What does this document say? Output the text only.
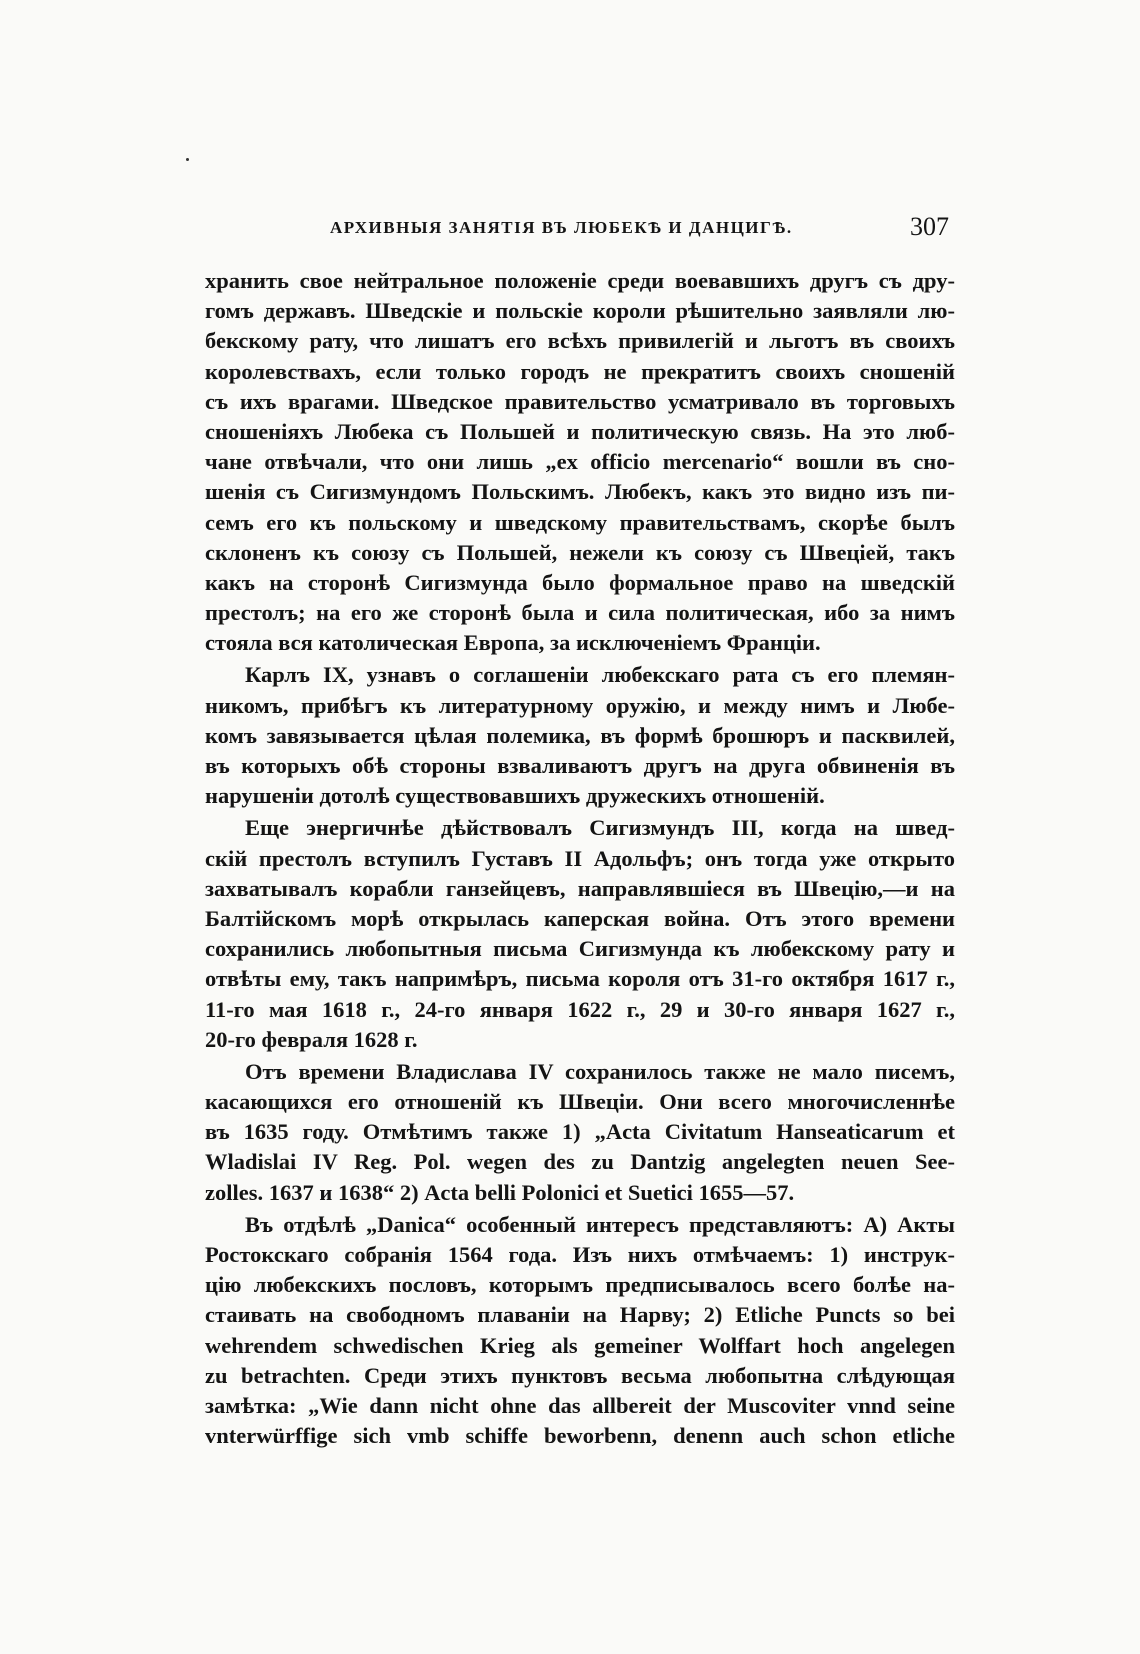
АРХИВНЫЯ ЗАНЯТІЯ ВЪ ЛЮБЕКѢ И ДАНЦИГѢ.	307
хранить свое нейтральное положеніе среди воевавшихъ другъ съ дру-
гомъ державъ. Шведскіе и польскіе короли рѣшительно заявляли лю-
бекскому рату, что лишатъ его всѣхъ привилегій и льготъ въ своихъ
королевствахъ, если только городъ не прекратитъ своихъ сношеній
съ ихъ врагами. Шведское правительство усматривало въ торговыхъ
сношеніяхъ Любека съ Польшей и политическую связь. На это люб-
чане отвѣчали, что они лишь „ex officio mercenario“ вошли въ сно-
шенія съ Сигизмундомъ Польскимъ. Любекъ, какъ это видно изъ пи-
семъ его къ польскому и шведскому правительствамъ, скорѣе былъ
склоненъ къ союзу съ Польшей, нежели къ союзу съ Швеціей, такъ
какъ на сторонѣ Сигизмунда было формальное право на шведскій
престолъ; на его же сторонѣ была и сила политическая, ибо за нимъ
стояла вся католическая Европа, за исключеніемъ Франціи.
Карлъ IX, узнавъ о соглашеніи любекскаго рата съ его племян-
никомъ, прибѣгъ къ литературному оружію, и между нимъ и Любе-
комъ завязывается цѣлая полемика, въ формѣ брошюръ и пасквилей,
въ которыхъ обѣ стороны взваливаютъ другъ на друга обвиненія въ
нарушеніи дотолѣ существовавшихъ дружескихъ отношеній.
Еще энергичнѣе дѣйствовалъ Сигизмундъ III, когда на швед-
скій престолъ вступилъ Густавъ II Адольфъ; онъ тогда уже открыто
захватывалъ корабли ганзейцевъ, направлявшіеся въ Швецію,—и на
Балтійскомъ морѣ открылась каперская война. Отъ этого времени
сохранились любопытныя письма Сигизмунда къ любекскому рату и
отвѣты ему, такъ напримѣръ, письма короля отъ 31-го октября 1617 г.,
11-го мая 1618 г., 24-го января 1622 г., 29 и 30-го января 1627 г.,
20-го февраля 1628 г.
Отъ времени Владислава IV сохранилось также не мало писемъ,
касающихся его отношеній къ Швеціи. Они всего многочисленнѣе
въ 1635 году. Отмѣтимъ также 1) „Acta Civitatum Hanseaticarum et
Wladislai IV Reg. Pol. wegen des zu Dantzig angelegten neuen See-
zolles. 1637 и 1638“ 2) Acta belli Polonici et Suetici 1655—57.
Въ отдѣлѣ „Danica“ особенный интересъ представляютъ: A) Акты
Ростокскаго собранія 1564 года. Изъ нихъ отмѣчаемъ: 1) инструк-
цію любекскихъ пословъ, которымъ предписывалось всего болѣе на-
стаивать на свободномъ плаваніи на Нарву; 2) Etliche Puncts so bei
wehrendem schwedischen Krieg als gemeiner Wolffart hoch angelegen
zu betrachten. Среди этихъ пунктовъ весьма любопытна слѣдующая
замѣтка: „Wie dann nicht ohne das allbereit der Muscoviter vnnd seine
vnterwürffige sich vmb schiffe beworbenn, denenn auch schon etliche
